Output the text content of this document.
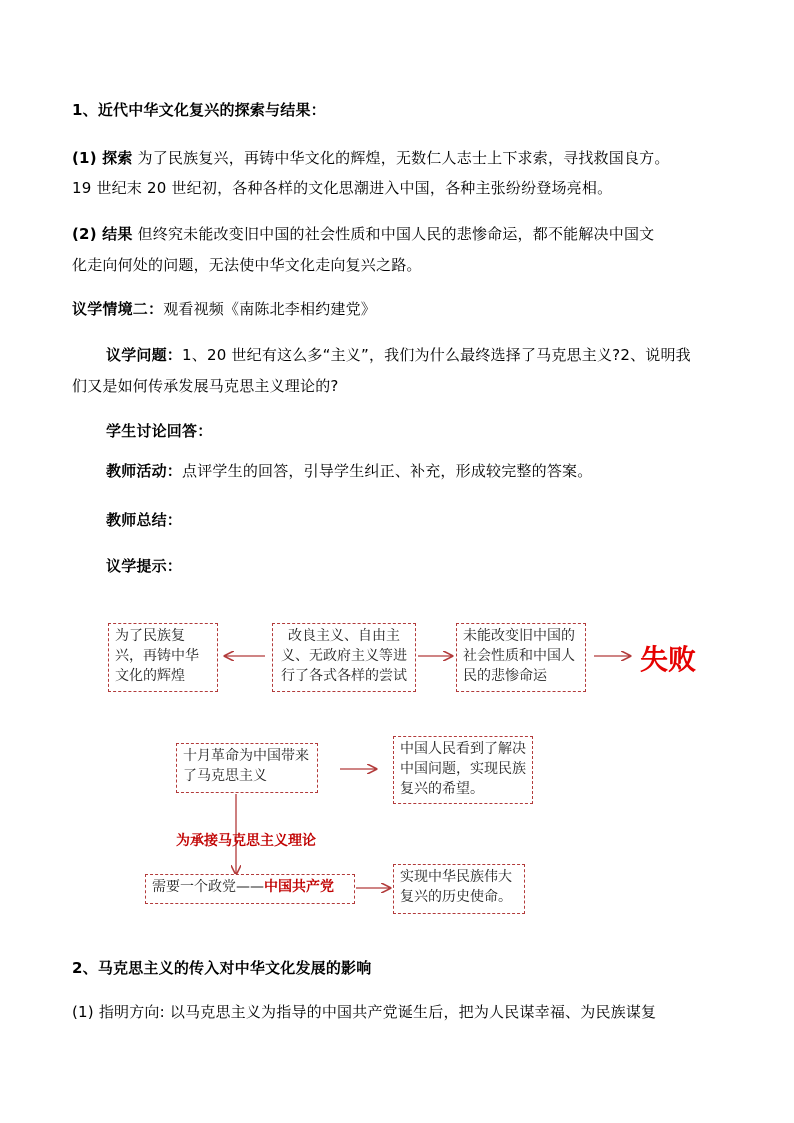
1、近代中华文化复兴的探索与结果：

(1) 探索 为了民族复兴，再铸中华文化的辉煌，无数仁人志士上下求索，寻找救国良方。

19 世纪末 20 世纪初，各种各样的文化思潮进入中国，各种主张纷纷登场亮相。

(2) 结果 但终究未能改变旧中国的社会性质和中国人民的悲惨命运，都不能解决中国文

化走向何处的问题，无法使中华文化走向复兴之路。

议学情境二：观看视频《南陈北李相约建党》

议学问题：1、20 世纪有这么多“主义”，我们为什么最终选择了马克思主义?2、说明我

们又是如何传承发展马克思主义理论的?

学生讨论回答：

教师活动：点评学生的回答，引导学生纠正、补充，形成较完整的答案。

教师总结：

议学提示：

为了民族复兴，再铸中华文化的辉煌
改良主义、自由主义、无政府主义等进行了各式各样的尝试
未能改变旧中国的社会性质和中国人民的悲惨命运	失败
十月革命为中国带来了马克思主义
中国人民看到了解决中国问题，实现民族复兴的希望。
为承接马克思主义理论
需要一个政党——中国共产党
实现中华民族伟大复兴的历史使命。

2、马克思主义的传入对中华文化发展的影响

(1) 指明方向: 以马克思主义为指导的中国共产党诞生后，把为人民谋幸福、为民族谋复
